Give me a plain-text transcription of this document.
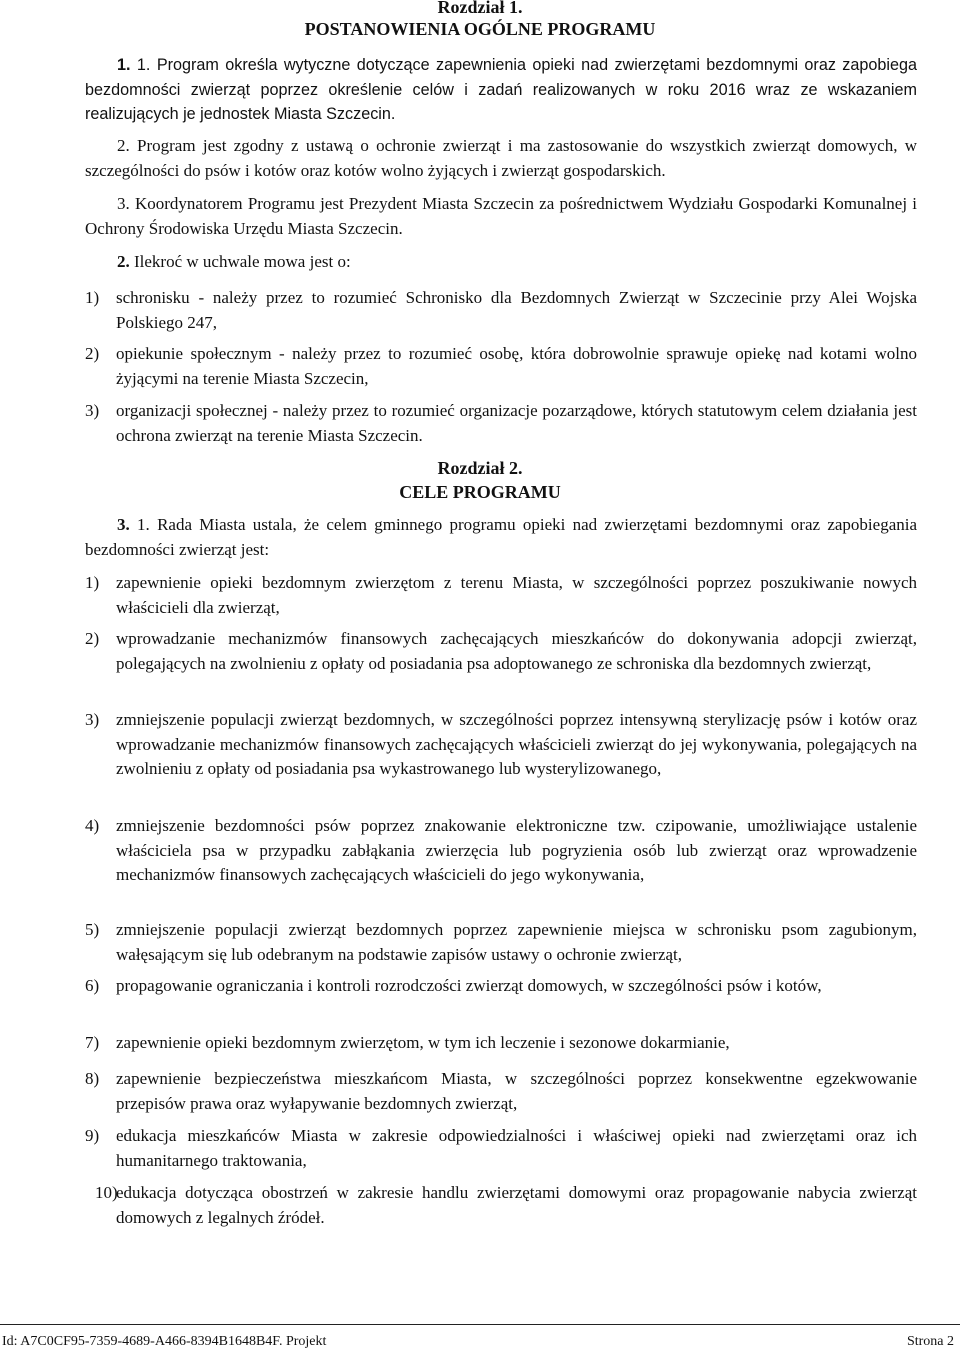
Rozdział 1.
POSTANOWIENIA OGÓLNE PROGRAMU
1. 1. Program określa wytyczne dotyczące zapewnienia opieki nad zwierzętami bezdomnymi oraz zapobiega bezdomności zwierząt poprzez określenie celów i zadań realizowanych w roku 2016 wraz ze wskazaniem realizujących je jednostek Miasta Szczecin.
2. Program jest zgodny z ustawą o ochronie zwierząt i ma zastosowanie do wszystkich zwierząt domowych, w szczególności do psów i kotów oraz kotów wolno żyjących i zwierząt gospodarskich.
3. Koordynatorem Programu jest Prezydent Miasta Szczecin za pośrednictwem Wydziału Gospodarki Komunalnej i Ochrony Środowiska Urzędu Miasta Szczecin.
2. Ilekroć w uchwale mowa jest o:
1) schronisku - należy przez to rozumieć Schronisko dla Bezdomnych Zwierząt w Szczecinie przy Alei Wojska Polskiego 247,
2) opiekunie społecznym - należy przez to rozumieć osobę, która dobrowolnie sprawuje opiekę nad kotami wolno żyjącymi na terenie Miasta Szczecin,
3) organizacji społecznej - należy przez to rozumieć organizacje pozarządowe, których statutowym celem działania jest ochrona zwierząt na terenie Miasta Szczecin.
Rozdział 2.
CELE PROGRAMU
3. 1. Rada Miasta ustala, że celem gminnego programu opieki nad zwierzętami bezdomnymi oraz zapobiegania bezdomności zwierząt jest:
1) zapewnienie opieki bezdomnym zwierzętom z terenu Miasta, w szczególności poprzez poszukiwanie nowych właścicieli dla zwierząt,
2) wprowadzanie mechanizmów finansowych zachęcających mieszkańców do dokonywania adopcji zwierząt, polegających na zwolnieniu z opłaty od posiadania psa adoptowanego ze schroniska dla bezdomnych zwierząt,
3) zmniejszenie populacji zwierząt bezdomnych, w szczególności poprzez intensywną sterylizację psów i kotów oraz wprowadzanie mechanizmów finansowych zachęcających właścicieli zwierząt do jej wykonywania, polegających na zwolnieniu z opłaty od posiadania psa wykastrowanego lub wysterylizowanego,
4) zmniejszenie bezdomności psów poprzez znakowanie elektroniczne tzw. czipowanie, umożliwiające ustalenie właściciela psa w przypadku zabłąkania zwierzęcia lub pogryzienia osób lub zwierząt oraz wprowadzenie mechanizmów finansowych zachęcających właścicieli do jego wykonywania,
5) zmniejszenie populacji zwierząt bezdomnych poprzez zapewnienie miejsca w schronisku psom zagubionym, wałęsającym się lub odebranym na podstawie zapisów ustawy o ochronie zwierząt,
6) propagowanie ograniczania i kontroli rozrodczości zwierząt domowych, w szczególności psów i kotów,
7) zapewnienie opieki bezdomnym zwierzętom, w tym ich leczenie i sezonowe dokarmianie,
8) zapewnienie bezpieczeństwa mieszkańcom Miasta, w szczególności poprzez konsekwentne egzekwowanie przepisów prawa oraz wyłapywanie bezdomnych zwierząt,
9) edukacja mieszkańców Miasta w zakresie odpowiedzialności i właściwej opieki nad zwierzętami oraz ich humanitarnego traktowania,
10)
edukacja dotycząca obostrzeń w zakresie handlu zwierzętami domowymi oraz propagowanie nabycia zwierząt domowych z legalnych źródeł.
Id: A7C0CF95-7359-4689-A466-8394B1648B4F. Projekt	Strona 2
